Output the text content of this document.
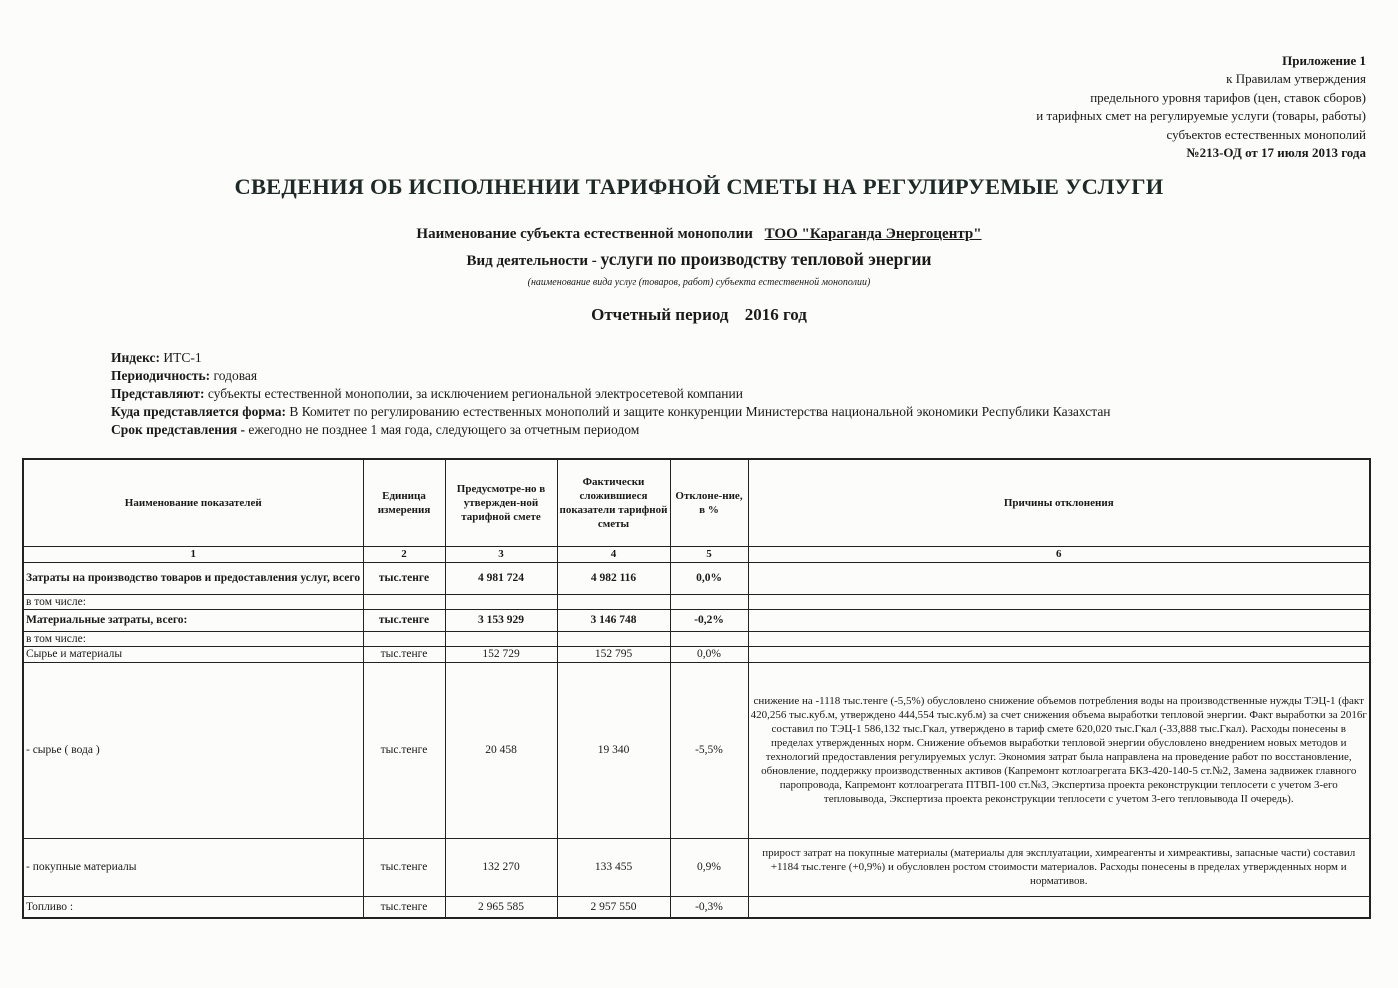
Приложение 1
к Правилам утверждения
предельного уровня тарифов (цен, ставок сборов)
и тарифных смет на регулируемые услуги (товары, работы)
субъектов естественных монополий
№213-ОД от 17 июля 2013 года
СВЕДЕНИЯ ОБ ИСПОЛНЕНИИ ТАРИФНОЙ СМЕТЫ НА РЕГУЛИРУЕМЫЕ УСЛУГИ
Наименование субъекта естественной монополии ТОО "Караганда Энергоцентр"
Вид деятельности - услуги по производству тепловой энергии
(наименование вида услуг (товаров, работ) субъекта естественной монополии)
Отчетный период 2016 год
Индекс: ИТС-1
Периодичность: годовая
Представляют: субъекты естественной монополии, за исключением региональной электросетевой компании
Куда представляется форма: В Комитет по регулированию естественных монополий и защите конкуренции Министерства национальной экономики Республики Казахстан
Срок представления - ежегодно не позднее 1 мая года, следующего за отчетным периодом
Наименование показателей	Единица измерения	Предусмотре-но в утвержден-ной тарифной смете	Фактически сложившиеся показатели тарифной сметы	Отклоне-ние, в %	Причины отклонения
1	2	3	4	5	6
Затраты на производство товаров и предоставления услуг, всего	тыс.тенге	4 981 724	4 982 116	0,0%	
в том числе:					
Материальные затраты, всего:	тыс.тенге	3 153 929	3 146 748	-0,2%	
в том числе:					
Сырье и материалы	тыс.тенге	152 729	152 795	0,0%	
- сырье ( вода )	тыс.тенге	20 458	19 340	-5,5%	снижение на -1118 тыс.тенге (-5,5%) обусловлено снижение объемов потребления воды на производственные нужды ТЭЦ-1 (факт 420,256 тыс.куб.м, утверждено 444,554 тыс.куб.м) за счет снижения объема выработки тепловой энергии. Факт выработки за 2016г составил по ТЭЦ-1 586,132 тыс.Гкал, утверждено в тариф смете 620,020 тыс.Гкал (-33,888 тыс.Гкал). Расходы понесены в пределах утвержденных норм. Снижение объемов выработки тепловой энергии обусловлено внедрением новых методов и технологий предоставления регулируемых услуг. Экономия затрат была направлена на проведение работ по восстановление, обновление, поддержку производственных активов (Капремонт котлоагрегата БКЗ-420-140-5 ст.№2, Замена задвижек главного паропровода, Капремонт котлоагрегата ПТВП-100 ст.№3, Экспертиза проекта реконструкции теплосети с учетом 3-его тепловывода, Экспертиза проекта реконструкции теплосети с учетом 3-его тепловывода II очередь).
- покупные материалы	тыс.тенге	132 270	133 455	0,9%	прирост затрат на покупные материалы (материалы для эксплуатации, химреагенты и химреактивы, запасные части) составил +1184 тыс.тенге (+0,9%) и обусловлен ростом стоимости материалов. Расходы понесены в пределах утвержденных норм и нормативов.
Топливо :	тыс.тенге	2 965 585	2 957 550	-0,3%	
